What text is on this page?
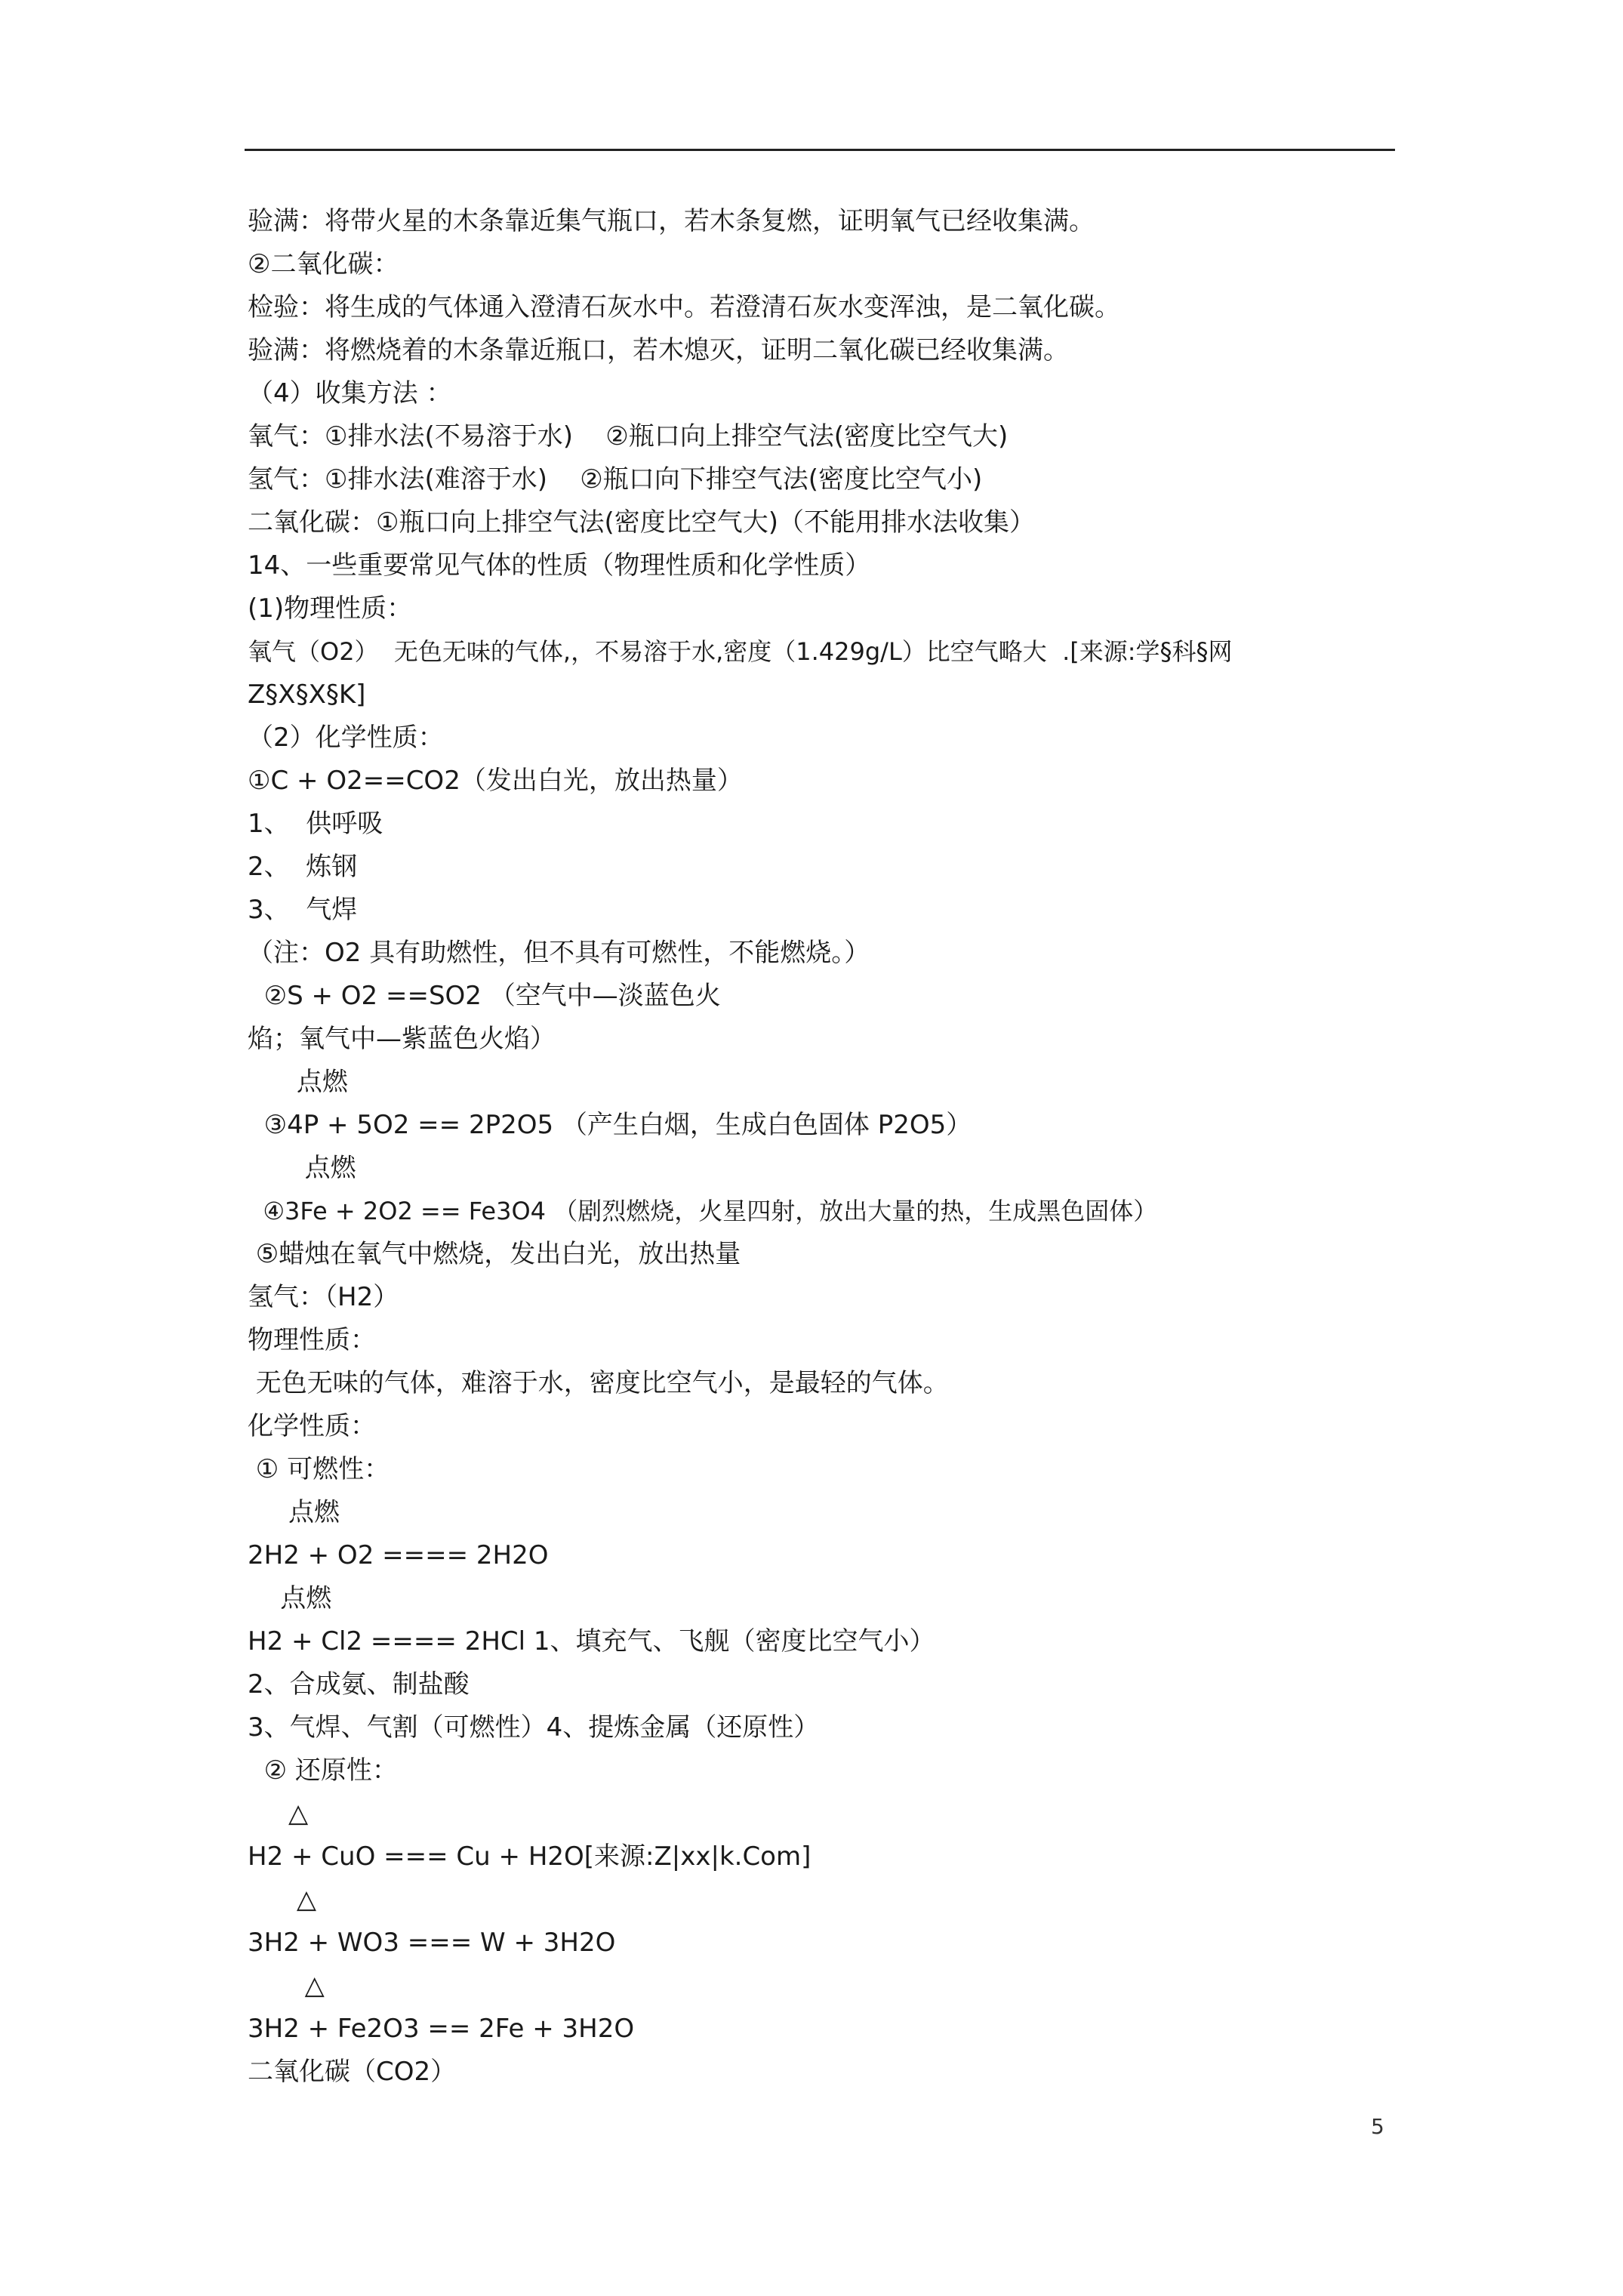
验满：将带火星的木条靠近集气瓶口，若木条复燃，证明氧气已经收集满。
②二氧化碳：
检验：将生成的气体通入澄清石灰水中。若澄清石灰水变浑浊，是二氧化碳。
验满：将燃烧着的木条靠近瓶口，若木熄灭，证明二氧化碳已经收集满。
（4）收集方法 ：
氧气：①排水法(不易溶于水)    ②瓶口向上排空气法(密度比空气大)
氢气：①排水法(难溶于水)    ②瓶口向下排空气法(密度比空气小)
二氧化碳：①瓶口向上排空气法(密度比空气大)（不能用排水法收集）
14、一些重要常见气体的性质（物理性质和化学性质）
(1)物理性质：
氧气（O2）  无色无味的气体,，不易溶于水,密度（1.429g/L）比空气略大  .[来源:学§科§网
Z§X§X§K]
（2）化学性质：
①C + O2==CO2（发出白光，放出热量）
1、  供呼吸
2、  炼钢
3、  气焊
（注：O2 具有助燃性，但不具有可燃性，不能燃烧。）
②S + O2 ==SO2 （空气中—淡蓝色火
焰；氧气中—紫蓝色火焰）
点燃
③4P + 5O2 == 2P2O5 （产生白烟，生成白色固体 P2O5）
点燃
④3Fe + 2O2 == Fe3O4 （剧烈燃烧，火星四射，放出大量的热，生成黑色固体）
⑤蜡烛在氧气中燃烧，发出白光，放出热量
氢气：（H2）
物理性质：
无色无味的气体，难溶于水，密度比空气小，是最轻的气体。
化学性质：
① 可燃性：
点燃
2H2 + O2 ==== 2H2O
点燃
H2 + Cl2 ==== 2HCl 1、填充气、飞舰（密度比空气小）
2、合成氨、制盐酸
3、气焊、气割（可燃性）4、提炼金属（还原性）
② 还原性：
△
H2 + CuO === Cu + H2O[来源:Z|xx|k.Com]
△
3H2 + WO3 === W + 3H2O
△
3H2 + Fe2O3 == 2Fe + 3H2O
二氧化碳（CO2）
5
